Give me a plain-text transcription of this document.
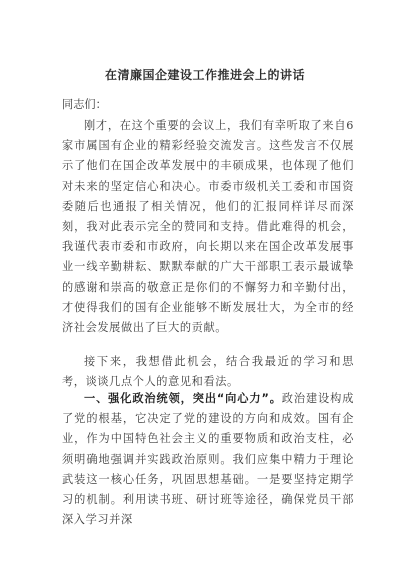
在清廉国企建设工作推进会上的讲话
同志们：
刚才，在这个重要的会议上，我们有幸听取了来自6家市属国有企业的精彩经验交流发言。这些发言不仅展示了他们在国企改革发展中的丰硕成果，也体现了他们对未来的坚定信心和决心。市委市级机关工委和市国资委随后也通报了相关情况，他们的汇报同样详尽而深刻，我对此表示完全的赞同和支持。借此难得的机会，我谨代表市委和市政府，向长期以来在国企改革发展事业一线辛勤耕耘、默默奉献的广大干部职工表示最诚挚的感谢和崇高的敬意正是你们的不懈努力和辛勤付出，才使得我们的国有企业能够不断发展壮大，为全市的经济社会发展做出了巨大的贡献。
接下来，我想借此机会，结合我最近的学习和思考，谈谈几点个人的意见和看法。
一、强化政治统领，突出“向心力”。政治建设构成了党的根基，它决定了党的建设的方向和成效。国有企业，作为中国特色社会主义的重要物质和政治支柱，必须明确地强调并实践政治原则。我们应集中精力于理论武装这一核心任务，巩固思想基础。一是要坚持定期学习的机制。利用读书班、研讨班等途径，确保党员干部深入学习并深
